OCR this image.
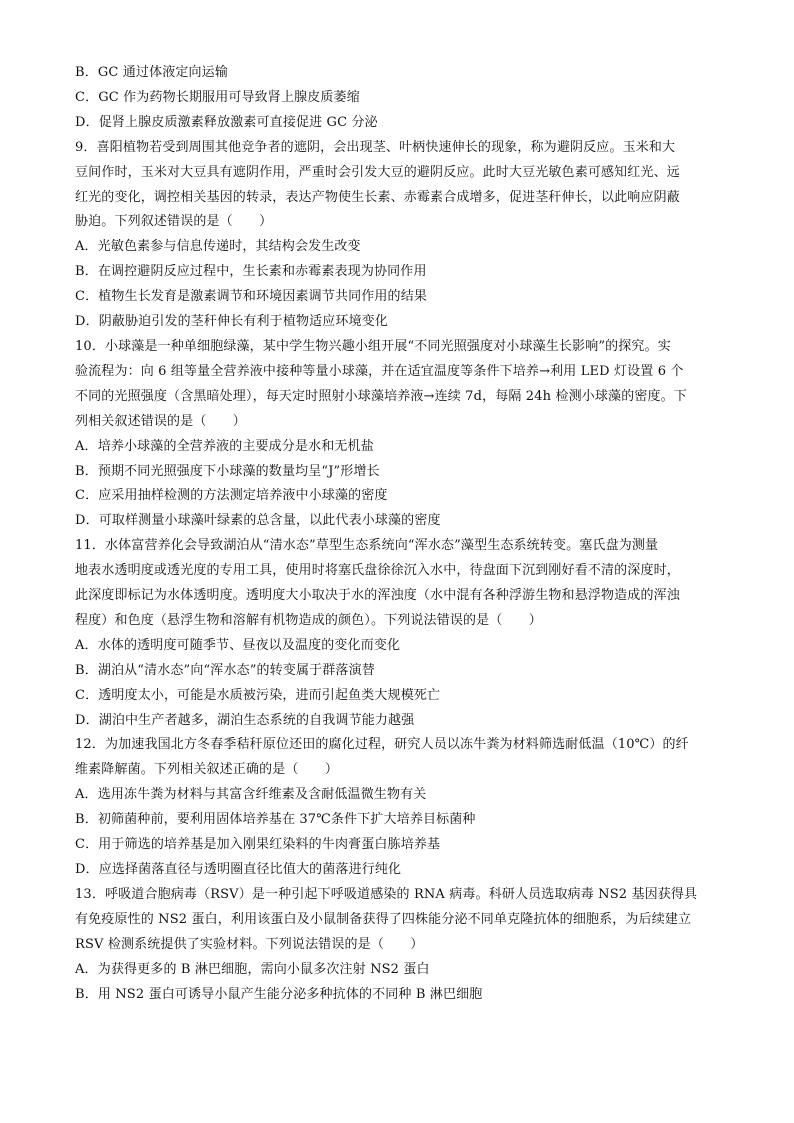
B．GC 通过体液定向运输
C．GC 作为药物长期服用可导致肾上腺皮质萎缩
D．促肾上腺皮质激素释放激素可直接促进 GC 分泌
9．喜阳植物若受到周围其他竞争者的遮阴，会出现茎、叶柄快速伸长的现象，称为避阴反应。玉米和大
豆间作时，玉米对大豆具有遮阴作用，严重时会引发大豆的避阴反应。此时大豆光敏色素可感知红光、远
红光的变化，调控相关基因的转录，表达产物使生长素、赤霉素合成增多，促进茎秆伸长，以此响应阴蔽
胁迫。下列叙述错误的是（　　）
A．光敏色素参与信息传递时，其结构会发生改变
B．在调控避阴反应过程中，生长素和赤霉素表现为协同作用
C．植物生长发育是激素调节和环境因素调节共同作用的结果
D．阴蔽胁迫引发的茎秆伸长有利于植物适应环境变化
10．小球藻是一种单细胞绿藻，某中学生物兴趣小组开展“不同光照强度对小球藻生长影响”的探究。实
验流程为：向 6 组等量全营养液中接种等量小球藻，并在适宜温度等条件下培养→利用 LED 灯设置 6 个
不同的光照强度（含黑暗处理），每天定时照射小球藻培养液→连续 7d，每隔 24h 检测小球藻的密度。下
列相关叙述错误的是（　　）
A．培养小球藻的全营养液的主要成分是水和无机盐
B．预期不同光照强度下小球藻的数量均呈“J”形增长
C．应采用抽样检测的方法测定培养液中小球藻的密度
D．可取样测量小球藻叶绿素的总含量，以此代表小球藻的密度
11．水体富营养化会导致湖泊从“清水态”草型生态系统向“浑水态”藻型生态系统转变。塞氏盘为测量
地表水透明度或透光度的专用工具，使用时将塞氏盘徐徐沉入水中，待盘面下沉到刚好看不清的深度时，
此深度即标记为水体透明度。透明度大小取决于水的浑浊度（水中混有各种浮游生物和悬浮物造成的浑浊
程度）和色度（悬浮生物和溶解有机物造成的颜色）。下列说法错误的是（　　）
A．水体的透明度可随季节、昼夜以及温度的变化而变化
B．湖泊从“清水态”向“浑水态”的转变属于群落演替
C．透明度太小，可能是水质被污染，进而引起鱼类大规模死亡
D．湖泊中生产者越多，湖泊生态系统的自我调节能力越强
12．为加速我国北方冬春季秸秆原位还田的腐化过程，研究人员以冻牛粪为材料筛选耐低温（10℃）的纤
维素降解菌。下列相关叙述正确的是（　　）
A．选用冻牛粪为材料与其富含纤维素及含耐低温微生物有关
B．初筛菌种前，要利用固体培养基在 37℃条件下扩大培养目标菌种
C．用于筛选的培养基是加入刚果红染料的牛肉膏蛋白胨培养基
D．应选择菌落直径与透明圈直径比值大的菌落进行纯化
13．呼吸道合胞病毒（RSV）是一种引起下呼吸道感染的 RNA 病毒。科研人员选取病毒 NS2 基因获得具
有免疫原性的 NS2 蛋白，利用该蛋白及小鼠制备获得了四株能分泌不同单克隆抗体的细胞系，为后续建立
RSV 检测系统提供了实验材料。下列说法错误的是（　　）
A．为获得更多的 B 淋巴细胞，需向小鼠多次注射 NS2 蛋白
B．用 NS2 蛋白可诱导小鼠产生能分泌多种抗体的不同种 B 淋巴细胞
